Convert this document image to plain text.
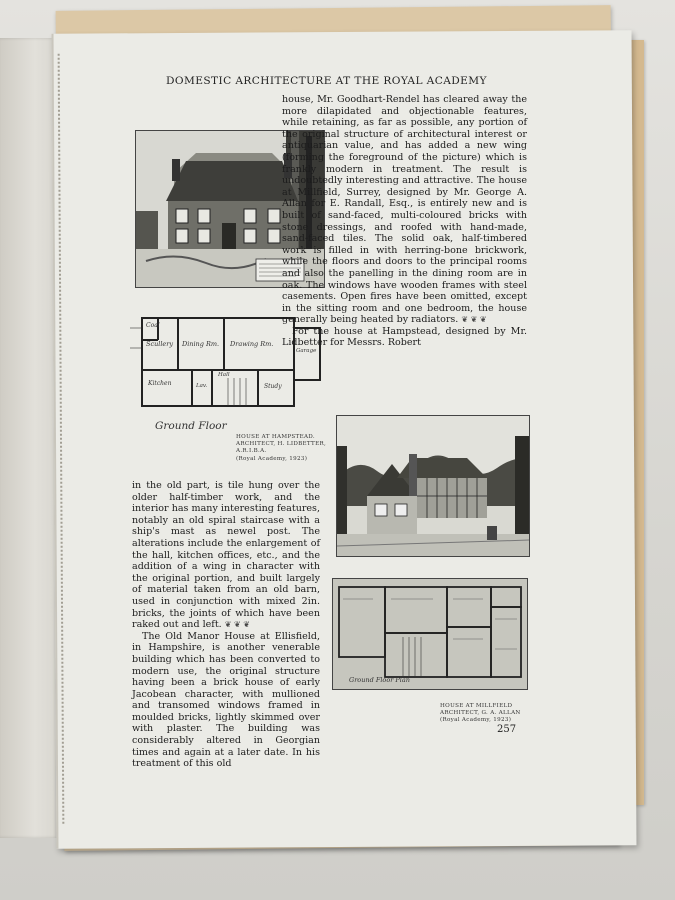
DOMESTIC ARCHITECTURE AT THE ROYAL ACADEMY
Coal
Scullery Dining Rm. Drawing Rm.
Garage
Kitchen	Lav.
Hall
Study
Ground Floor
HOUSE AT HAMPSTEAD. ARCHITECT, H. LIDBETTER, A.R.I.B.A.
(Royal Academy, 1923)

house, Mr. Goodhart-Rendel has cleared away the more dilapidated and objectionable features, while retaining, as far as possible, any portion of the original structure of architectural interest or antiquarian value, and has added a new wing (forming the foreground of the picture) which is frankly modern in treatment. The result is undoubtedly interesting and attractive. The house at Millfield, Surrey, designed by Mr. George A. Allan for E. Randall, Esq., is entirely new and is built of sand-faced, multi-coloured bricks with stone dressings, and roofed with hand-made, sand-faced tiles. The solid oak, half-timbered work is filled in with herring-bone brickwork, while the floors and doors to the principal rooms and also the panelling in the dining room are in oak. The windows have wooden frames with steel casements. Open fires have been omitted, except in the sitting room and one bedroom, the house generally being heated by radiators. ❦ ❦ ❦

For the house at Hampstead, designed by Mr. Lidbetter for Messrs. Robert

Ground Floor Plan
HOUSE AT MILLFIELD
ARCHITECT, G. A. ALLAN
(Royal Academy, 1923)

in the old part, is tile hung over the older half-timber work, and the interior has many interesting features, notably an old spiral staircase with a ship's mast as newel post. The alterations include the enlargement of the hall, kitchen offices, etc., and the addition of a wing in character with the original portion, and built largely of material taken from an old barn, used in conjunction with mixed 2in. bricks, the joints of which have been raked out and left. ❦ ❦ ❦

The Old Manor House at Ellisfield, in Hampshire, is another venerable building which has been converted to modern use, the original structure having been a brick house of early Jacobean character, with mullioned and transomed windows framed in moulded bricks, lightly skimmed over with plaster. The building was considerably altered in Georgian times and again at a later date. In his treatment of this old

257
